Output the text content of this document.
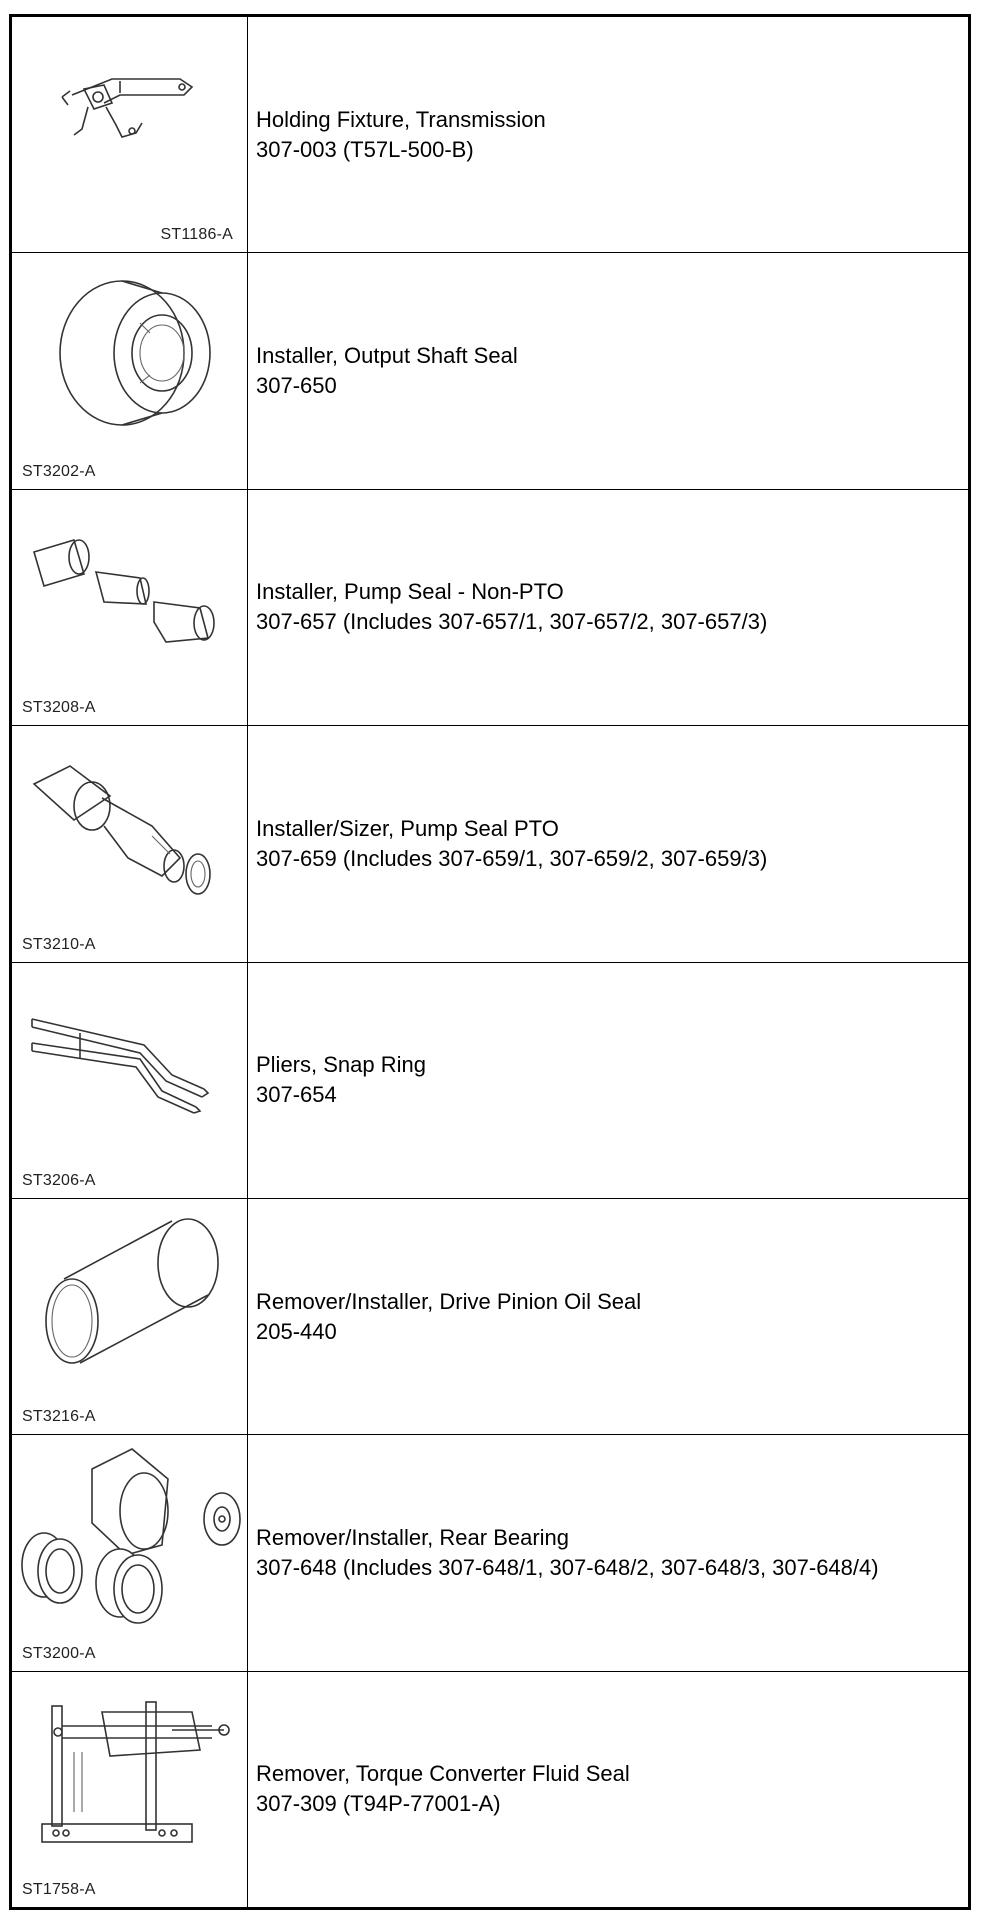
ST1186-A
Holding Fixture, Transmission
307-003 (T57L-500-B)
ST3202-A
Installer, Output Shaft Seal
307-650
ST3208-A
Installer, Pump Seal - Non-PTO
307-657 (Includes 307-657/1, 307-657/2, 307-657/3)
ST3210-A
Installer/Sizer, Pump Seal PTO
307-659 (Includes 307-659/1, 307-659/2, 307-659/3)
ST3206-A
Pliers, Snap Ring
307-654
ST3216-A
Remover/Installer, Drive Pinion Oil Seal
205-440
ST3200-A
Remover/Installer, Rear Bearing
307-648 (Includes 307-648/1, 307-648/2, 307-648/3, 307-648/4)
ST1758-A
Remover, Torque Converter Fluid Seal
307-309 (T94P-77001-A)
